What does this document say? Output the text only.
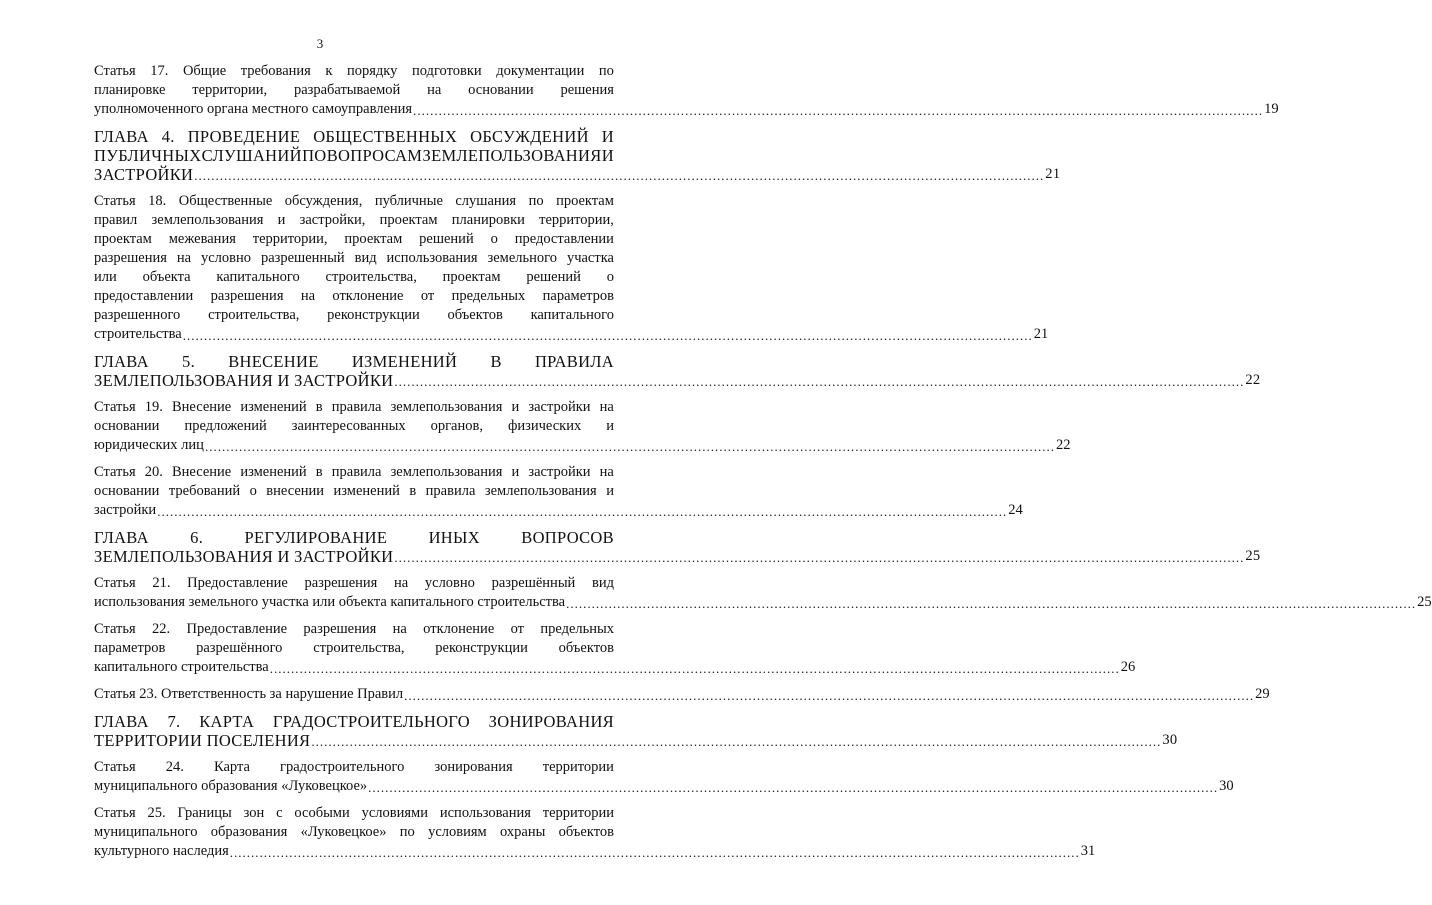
3
Статья 17. Общие требования к порядку подготовки документации по
планировке территории, разрабатываемой на основании решения
уполномоченного органа местного самоуправления ........................................................................................................................................................................................................ 19
ГЛАВА 4. ПРОВЕДЕНИЕ ОБЩЕСТВЕННЫХ ОБСУЖДЕНИЙ И
ПУБЛИЧНЫХ СЛУШАНИЙ ПО ВОПРОСАМ ЗЕМЛЕПОЛЬЗОВАНИЯ И
ЗАСТРОЙКИ ........................................................................................................................................................................................................ 21
Статья 18. Общественные обсуждения, публичные слушания по проектам
правил землепользования и застройки, проектам планировки территории,
проектам межевания территории, проектам решений о предоставлении
разрешения на условно разрешенный вид использования земельного участка
или объекта капитального строительства, проектам решений о
предоставлении разрешения на отклонение от предельных параметров
разрешенного строительства, реконструкции объектов капитального
строительства ........................................................................................................................................................................................................ 21
ГЛАВА 5. ВНЕСЕНИЕ ИЗМЕНЕНИЙ В ПРАВИЛА
ЗЕМЛЕПОЛЬЗОВАНИЯ И ЗАСТРОЙКИ ........................................................................................................................................................................................................ 22
Статья 19. Внесение изменений в правила землепользования и застройки на
основании предложений заинтересованных органов, физических и
юридических лиц ........................................................................................................................................................................................................ 22
Статья 20. Внесение изменений в правила землепользования и застройки на
основании требований о внесении изменений в правила землепользования и
застройки ........................................................................................................................................................................................................ 24
ГЛАВА	6.	РЕГУЛИРОВАНИЕ	ИНЫХ	ВОПРОСОВ
ЗЕМЛЕПОЛЬЗОВАНИЯ И ЗАСТРОЙКИ ........................................................................................................................................................................................................ 25
Статья 21. Предоставление разрешения на условно разрешённый вид
использования земельного участка или объекта капитального строительства ........................................................................................................................................................................................................ 25
Статья 22. Предоставление разрешения на отклонение от предельных
параметров разрешённого строительства, реконструкции объектов
капитального строительства ........................................................................................................................................................................................................ 26
Статья 23. Ответственность за нарушение Правил ........................................................................................................................................................................................................ 29
ГЛАВА 7. КАРТА ГРАДОСТРОИТЕЛЬНОГО ЗОНИРОВАНИЯ
ТЕРРИТОРИИ ПОСЕЛЕНИЯ ........................................................................................................................................................................................................ 30
Статья 24. Карта градостроительного зонирования территории
муниципального образования «Луковецкое» ........................................................................................................................................................................................................ 30
Статья 25. Границы зон с особыми условиями использования территории
муниципального образования «Луковецкое» по условиям охраны объектов
культурного наследия ........................................................................................................................................................................................................ 31
